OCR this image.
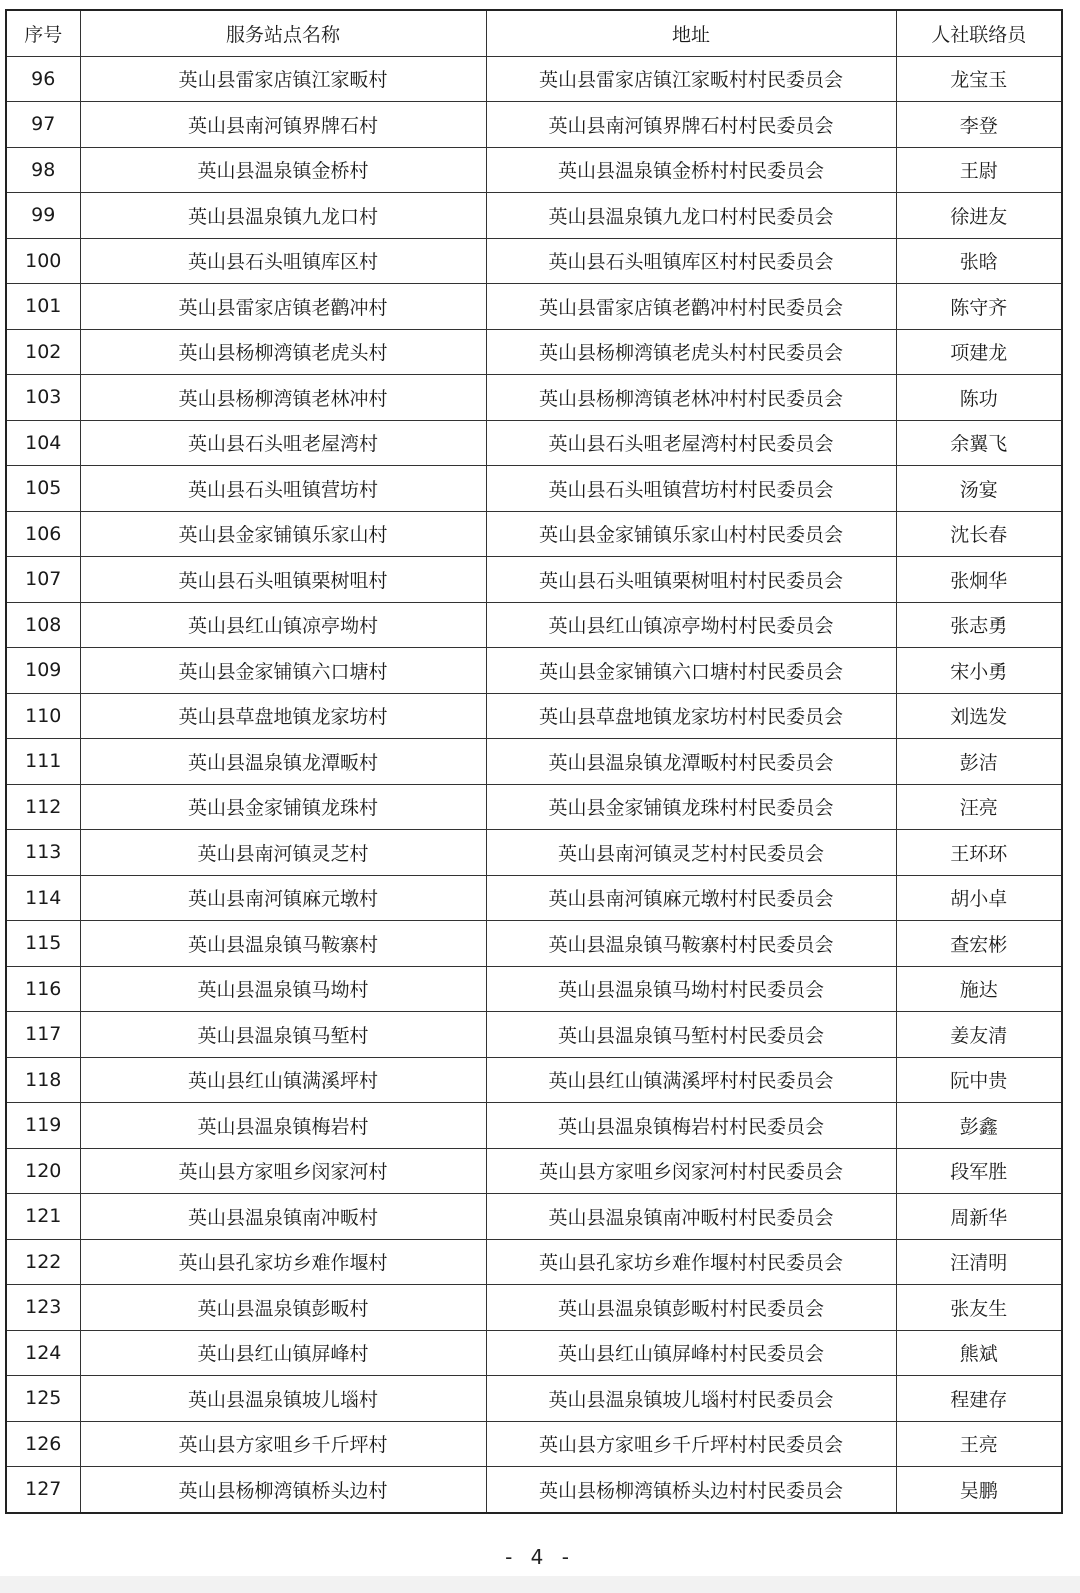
序号	服务站点名称	地址	人社联络员
96	英山县雷家店镇江家畈村	英山县雷家店镇江家畈村村民委员会	龙宝玉
97	英山县南河镇界牌石村	英山县南河镇界牌石村村民委员会	李登
98	英山县温泉镇金桥村	英山县温泉镇金桥村村民委员会	王尉
99	英山县温泉镇九龙口村	英山县温泉镇九龙口村村民委员会	徐进友
100	英山县石头咀镇库区村	英山县石头咀镇库区村村民委员会	张晗
101	英山县雷家店镇老鹳冲村	英山县雷家店镇老鹳冲村村民委员会	陈守齐
102	英山县杨柳湾镇老虎头村	英山县杨柳湾镇老虎头村村民委员会	项建龙
103	英山县杨柳湾镇老林冲村	英山县杨柳湾镇老林冲村村民委员会	陈功
104	英山县石头咀老屋湾村	英山县石头咀老屋湾村村民委员会	余翼飞
105	英山县石头咀镇营坊村	英山县石头咀镇营坊村村民委员会	汤宴
106	英山县金家铺镇乐家山村	英山县金家铺镇乐家山村村民委员会	沈长春
107	英山县石头咀镇栗树咀村	英山县石头咀镇栗树咀村村民委员会	张炯华
108	英山县红山镇凉亭坳村	英山县红山镇凉亭坳村村民委员会	张志勇
109	英山县金家铺镇六口塘村	英山县金家铺镇六口塘村村民委员会	宋小勇
110	英山县草盘地镇龙家坊村	英山县草盘地镇龙家坊村村民委员会	刘选发
111	英山县温泉镇龙潭畈村	英山县温泉镇龙潭畈村村民委员会	彭洁
112	英山县金家铺镇龙珠村	英山县金家铺镇龙珠村村民委员会	汪亮
113	英山县南河镇灵芝村	英山县南河镇灵芝村村民委员会	王环环
114	英山县南河镇麻元墩村	英山县南河镇麻元墩村村民委员会	胡小卓
115	英山县温泉镇马鞍寨村	英山县温泉镇马鞍寨村村民委员会	查宏彬
116	英山县温泉镇马坳村	英山县温泉镇马坳村村民委员会	施达
117	英山县温泉镇马堑村	英山县温泉镇马堑村村民委员会	姜友清
118	英山县红山镇满溪坪村	英山县红山镇满溪坪村村民委员会	阮中贵
119	英山县温泉镇梅岩村	英山县温泉镇梅岩村村民委员会	彭鑫
120	英山县方家咀乡闵家河村	英山县方家咀乡闵家河村村民委员会	段军胜
121	英山县温泉镇南冲畈村	英山县温泉镇南冲畈村村民委员会	周新华
122	英山县孔家坊乡难作堰村	英山县孔家坊乡难作堰村村民委员会	汪清明
123	英山县温泉镇彭畈村	英山县温泉镇彭畈村村民委员会	张友生
124	英山县红山镇屏峰村	英山县红山镇屏峰村村民委员会	熊斌
125	英山县温泉镇坡儿堖村	英山县温泉镇坡儿堖村村民委员会	程建存
126	英山县方家咀乡千斤坪村	英山县方家咀乡千斤坪村村民委员会	王亮
127	英山县杨柳湾镇桥头边村	英山县杨柳湾镇桥头边村村民委员会	吴鹏
- 4 -
